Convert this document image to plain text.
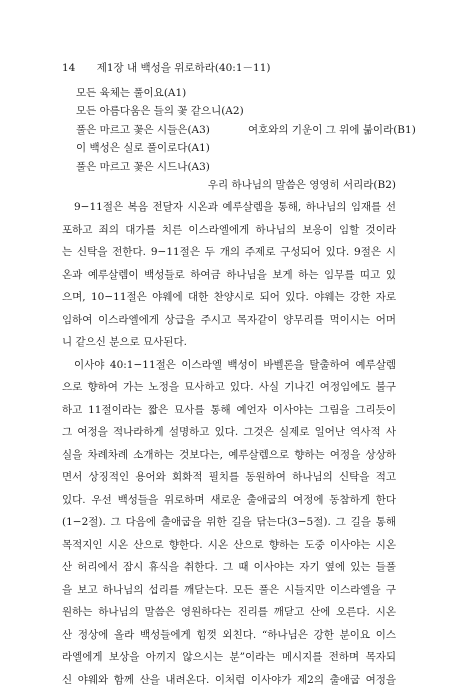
14 제1장 내 백성을 위로하라(40:1－11)
모든 육체는 풀이요(A1)
모든 아름다움은 들의 꽃 같으니(A2)
풀은 마르고 꽃은 시들은(A3)	여호와의 기운이 그 위에 붊이라(B1)
이 백성은 실로 풀이로다(A1)
풀은 마르고 꽃은 시드나(A3)
우리 하나님의 말씀은 영영히 서리라(B2)
9−11절은 복음 전달자 시온과 예루살렘을 통해, 하나님의 임재를 선
포하고 죄의 대가를 치른 이스라엘에게 하나님의 보응이 임할 것이라
는 신탁을 전한다. 9−11절은 두 개의 주제로 구성되어 있다. 9절은 시
온과 예루살렘이 백성들로 하여금 하나님을 보게 하는 임무를 띠고 있
으며, 10−11절은 야웨에 대한 찬양시로 되어 있다. 야웨는 강한 자로
임하여 이스라엘에게 상급을 주시고 목자같이 양무리를 먹이시는 어머
니 같으신 분으로 묘사된다.
이사야 40:1−11절은 이스라엘 백성이 바벨론을 탈출하여 예루살렘
으로 향하여 가는 노정을 묘사하고 있다. 사실 기나긴 여정임에도 불구
하고 11절이라는 짧은 묘사를 통해 예언자 이사야는 그림을 그리듯이
그 여정을 적나라하게 설명하고 있다. 그것은 실제로 일어난 역사적 사
실을 차례차례 소개하는 것보다는, 예루살렘으로 향하는 여정을 상상하
면서 상징적인 용어와 회화적 필치를 동원하여 하나님의 신탁을 적고
있다. 우선 백성들을 위로하며 새로운 출애굽의 여정에 동참하게 한다
(1−2절). 그 다음에 출애굽을 위한 길을 닦는다(3−5절). 그 길을 통해
목적지인 시온 산으로 향한다. 시온 산으로 향하는 도중 이사야는 시온
산 허리에서 잠시 휴식을 취한다. 그 때 이사야는 자기 옆에 있는 들풀
을 보고 하나님의 섭리를 깨닫는다. 모든 풀은 시들지만 이스라엘을 구
원하는 하나님의 말씀은 영원하다는 진리를 깨닫고 산에 오른다. 시온
산 정상에 올라 백성들에게 힘껏 외친다. “하나님은 강한 분이요 이스
라엘에게 보상을 아끼지 않으시는 분”이라는 메시지를 전하며 목자되
신 야웨와 함께 산을 내려온다. 이처럼 이사야가 제2의 출애굽 여정을
